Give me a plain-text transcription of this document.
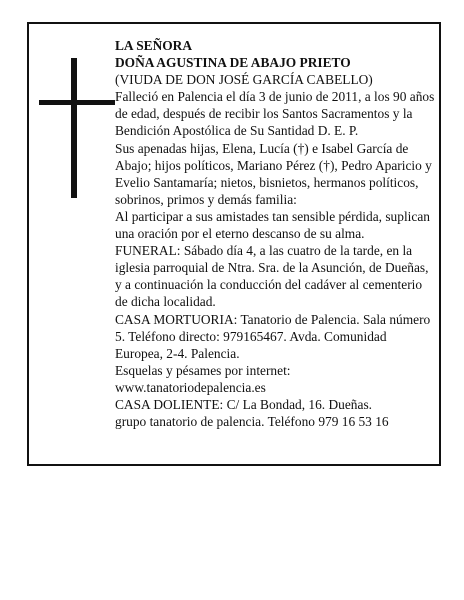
LA SEÑORA

DOÑA AGUSTINA DE ABAJO PRIETO

(VIUDA DE DON JOSÉ GARCÍA CABELLO)

Falleció en Palencia el día 3 de junio de 2011, a los 90 años de edad, después de recibir los Santos Sacramentos y la Bendición Apostólica de Su Santidad D. E. P.

Sus apenadas hijas, Elena, Lucía (†) e Isabel García de Abajo; hijos políticos, Mariano Pérez (†), Pedro Aparicio y Evelio Santamaría; nietos, bisnietos, hermanos políticos, sobrinos, primos y demás familia:

Al participar a sus amistades tan sensible pérdida, suplican una oración por el eterno descanso de su alma.

FUNERAL: Sábado día 4, a las cuatro de la tarde, en la iglesia parroquial de Ntra. Sra. de la Asunción, de Dueñas, y a continuación la conducción del cadáver al cementerio de dicha localidad.

CASA MORTUORIA: Tanatorio de Palencia. Sala número 5. Teléfono directo: 979165467. Avda. Comunidad Europea, 2-4. Palencia.

Esquelas y pésames por internet:

www.tanatoriodepalencia.es

CASA DOLIENTE: C/ La Bondad, 16. Dueñas.

grupo tanatorio de palencia. Teléfono 979 16 53 16
